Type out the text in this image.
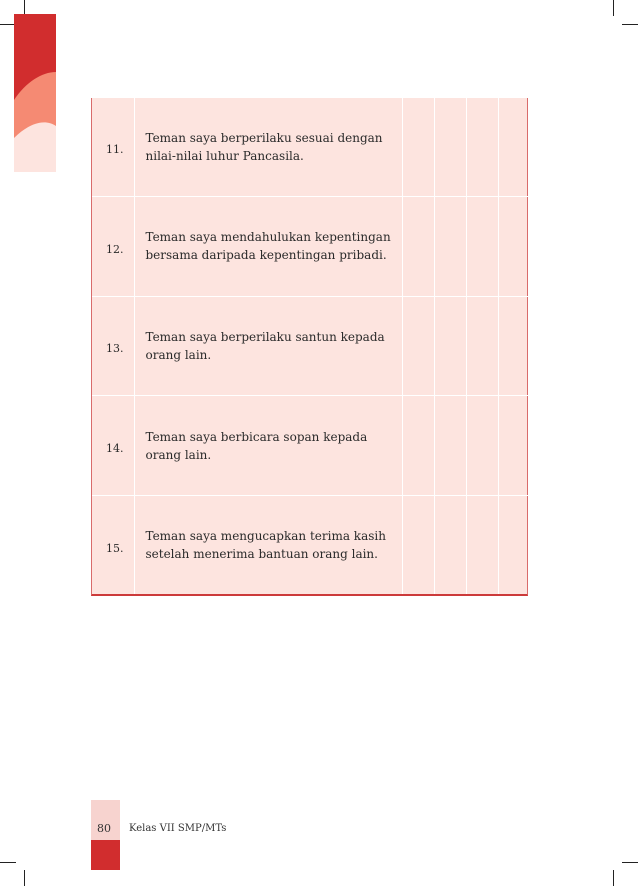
11.	Teman saya berperilaku sesuai dengan nilai-nilai luhur Pancasila.				
12.	Teman saya mendahulukan kepentingan bersama daripada kepentingan pribadi.				
13.	Teman saya berperilaku santun kepada orang lain.				
14.	Teman saya berbicara sopan kepada orang lain.				
15.	Teman saya mengucapkan terima kasih setelah menerima bantuan orang lain.				
80 Kelas VII SMP/MTs
